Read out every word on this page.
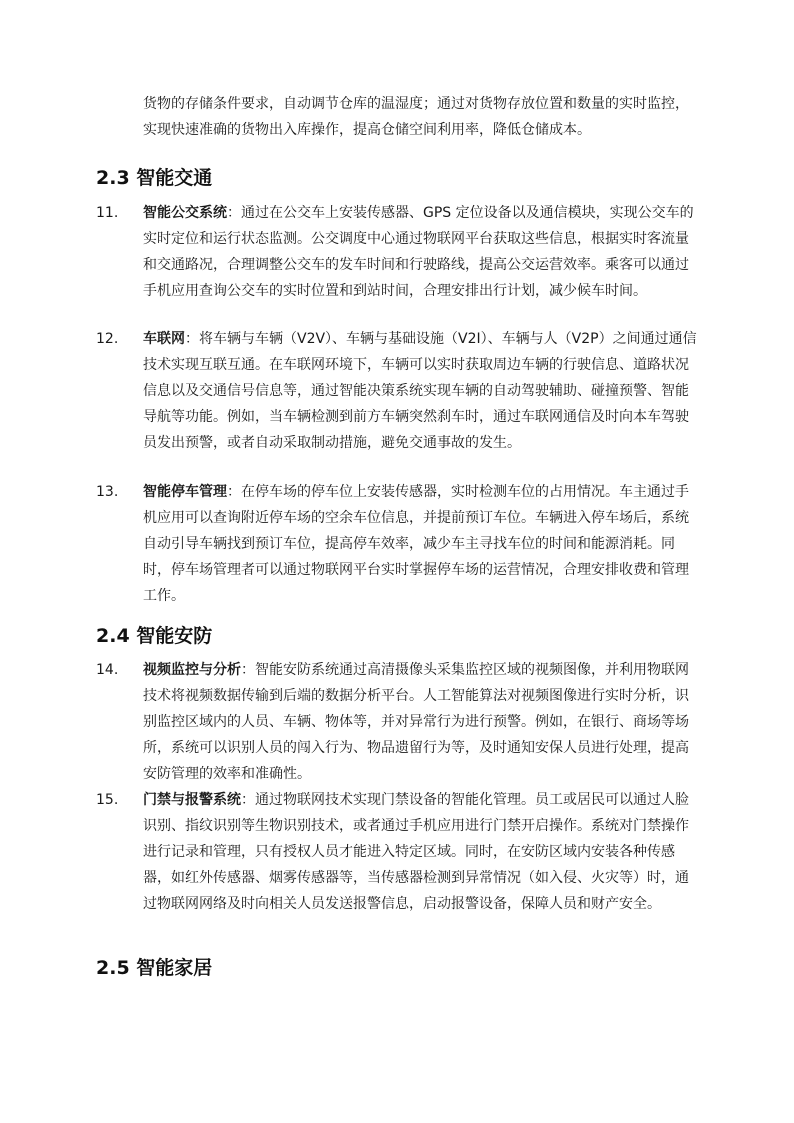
货物的存储条件要求，自动调节仓库的温湿度；通过对货物存放位置和数量的实时监控，实现快速准确的货物出入库操作，提高仓储空间利用率，降低仓储成本。

2.3 智能交通
11.	智能公交系统：通过在公交车上安装传感器、GPS 定位设备以及通信模块，实现公交车的实时定位和运行状态监测。公交调度中心通过物联网平台获取这些信息，根据实时客流量和交通路况，合理调整公交车的发车时间和行驶路线，提高公交运营效率。乘客可以通过手机应用查询公交车的实时位置和到站时间，合理安排出行计划，减少候车时间。

12.	车联网：将车辆与车辆（V2V）、车辆与基础设施（V2I）、车辆与人（V2P）之间通过通信技术实现互联互通。在车联网环境下，车辆可以实时获取周边车辆的行驶信息、道路状况信息以及交通信号信息等，通过智能决策系统实现车辆的自动驾驶辅助、碰撞预警、智能导航等功能。例如，当车辆检测到前方车辆突然刹车时，通过车联网通信及时向本车驾驶员发出预警，或者自动采取制动措施，避免交通事故的发生。

13.	智能停车管理：在停车场的停车位上安装传感器，实时检测车位的占用情况。车主通过手机应用可以查询附近停车场的空余车位信息，并提前预订车位。车辆进入停车场后，系统自动引导车辆找到预订车位，提高停车效率，减少车主寻找车位的时间和能源消耗。同时，停车场管理者可以通过物联网平台实时掌握停车场的运营情况，合理安排收费和管理工作。

2.4 智能安防
14.	视频监控与分析：智能安防系统通过高清摄像头采集监控区域的视频图像，并利用物联网技术将视频数据传输到后端的数据分析平台。人工智能算法对视频图像进行实时分析，识别监控区域内的人员、车辆、物体等，并对异常行为进行预警。例如，在银行、商场等场所，系统可以识别人员的闯入行为、物品遗留行为等，及时通知安保人员进行处理，提高安防管理的效率和准确性。

15.	门禁与报警系统：通过物联网技术实现门禁设备的智能化管理。员工或居民可以通过人脸识别、指纹识别等生物识别技术，或者通过手机应用进行门禁开启操作。系统对门禁操作进行记录和管理，只有授权人员才能进入特定区域。同时，在安防区域内安装各种传感器，如红外传感器、烟雾传感器等，当传感器检测到异常情况（如入侵、火灾等）时，通过物联网网络及时向相关人员发送报警信息，启动报警设备，保障人员和财产安全。

2.5 智能家居
